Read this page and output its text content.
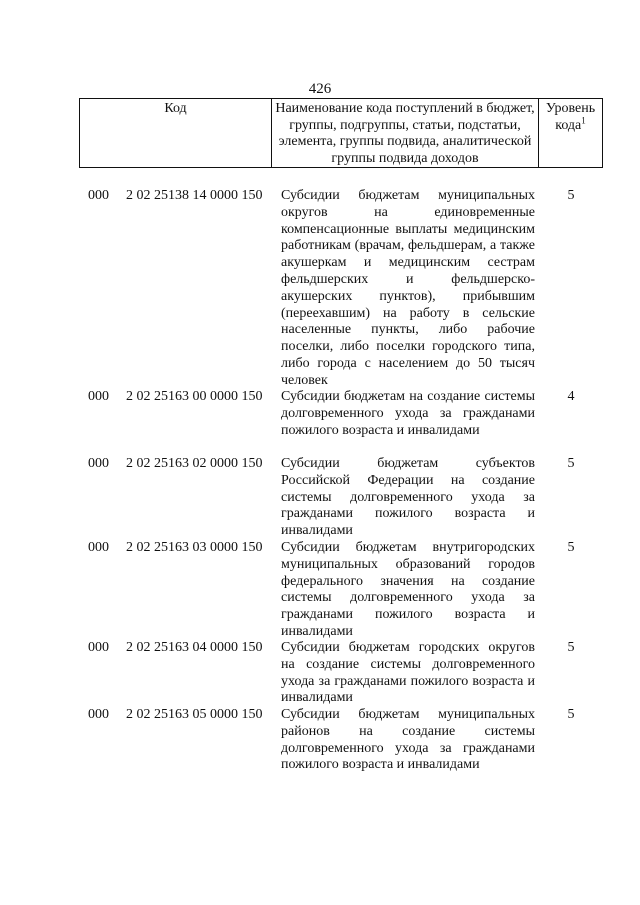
426
Код	Наименование кода поступлений в бюджет, группы, подгруппы, статьи, подстатьи, элемента, группы подвида, аналитической группы подвида доходов
Уровень кода$^1$
000 2 02 25138 14 0000 150 Субсидии бюджетам муниципальных округов на единовременные компенсационные выплаты медицинским работникам (врачам, фельдшерам, а также акушеркам и медицинским сестрам фельдшерских и фельдшерско-акушерских пунктов), прибывшим (переехавшим) на работу в сельские населенные пункты, либо рабочие поселки, либо поселки городского типа, либо города с населением до 50 тысяч человек
5
000 2 02 25163 00 0000 150 Субсидии бюджетам на создание системы долговременного ухода за гражданами пожилого возраста и инвалидами
4
000 2 02 25163 02 0000 150 Субсидии бюджетам субъектов Российской Федерации на создание системы долговременного ухода за гражданами пожилого возраста и инвалидами
5
000 2 02 25163 03 0000 150 Субсидии бюджетам внутригородских муниципальных образований городов федерального значения на создание системы долговременного ухода за гражданами пожилого возраста и инвалидами
5
000 2 02 25163 04 0000 150 Субсидии бюджетам городских округов на создание системы долговременного ухода за гражданами пожилого возраста и инвалидами
5
000 2 02 25163 05 0000 150 Субсидии бюджетам муниципальных районов на создание системы долговременного ухода за гражданами пожилого возраста и инвалидами
5
